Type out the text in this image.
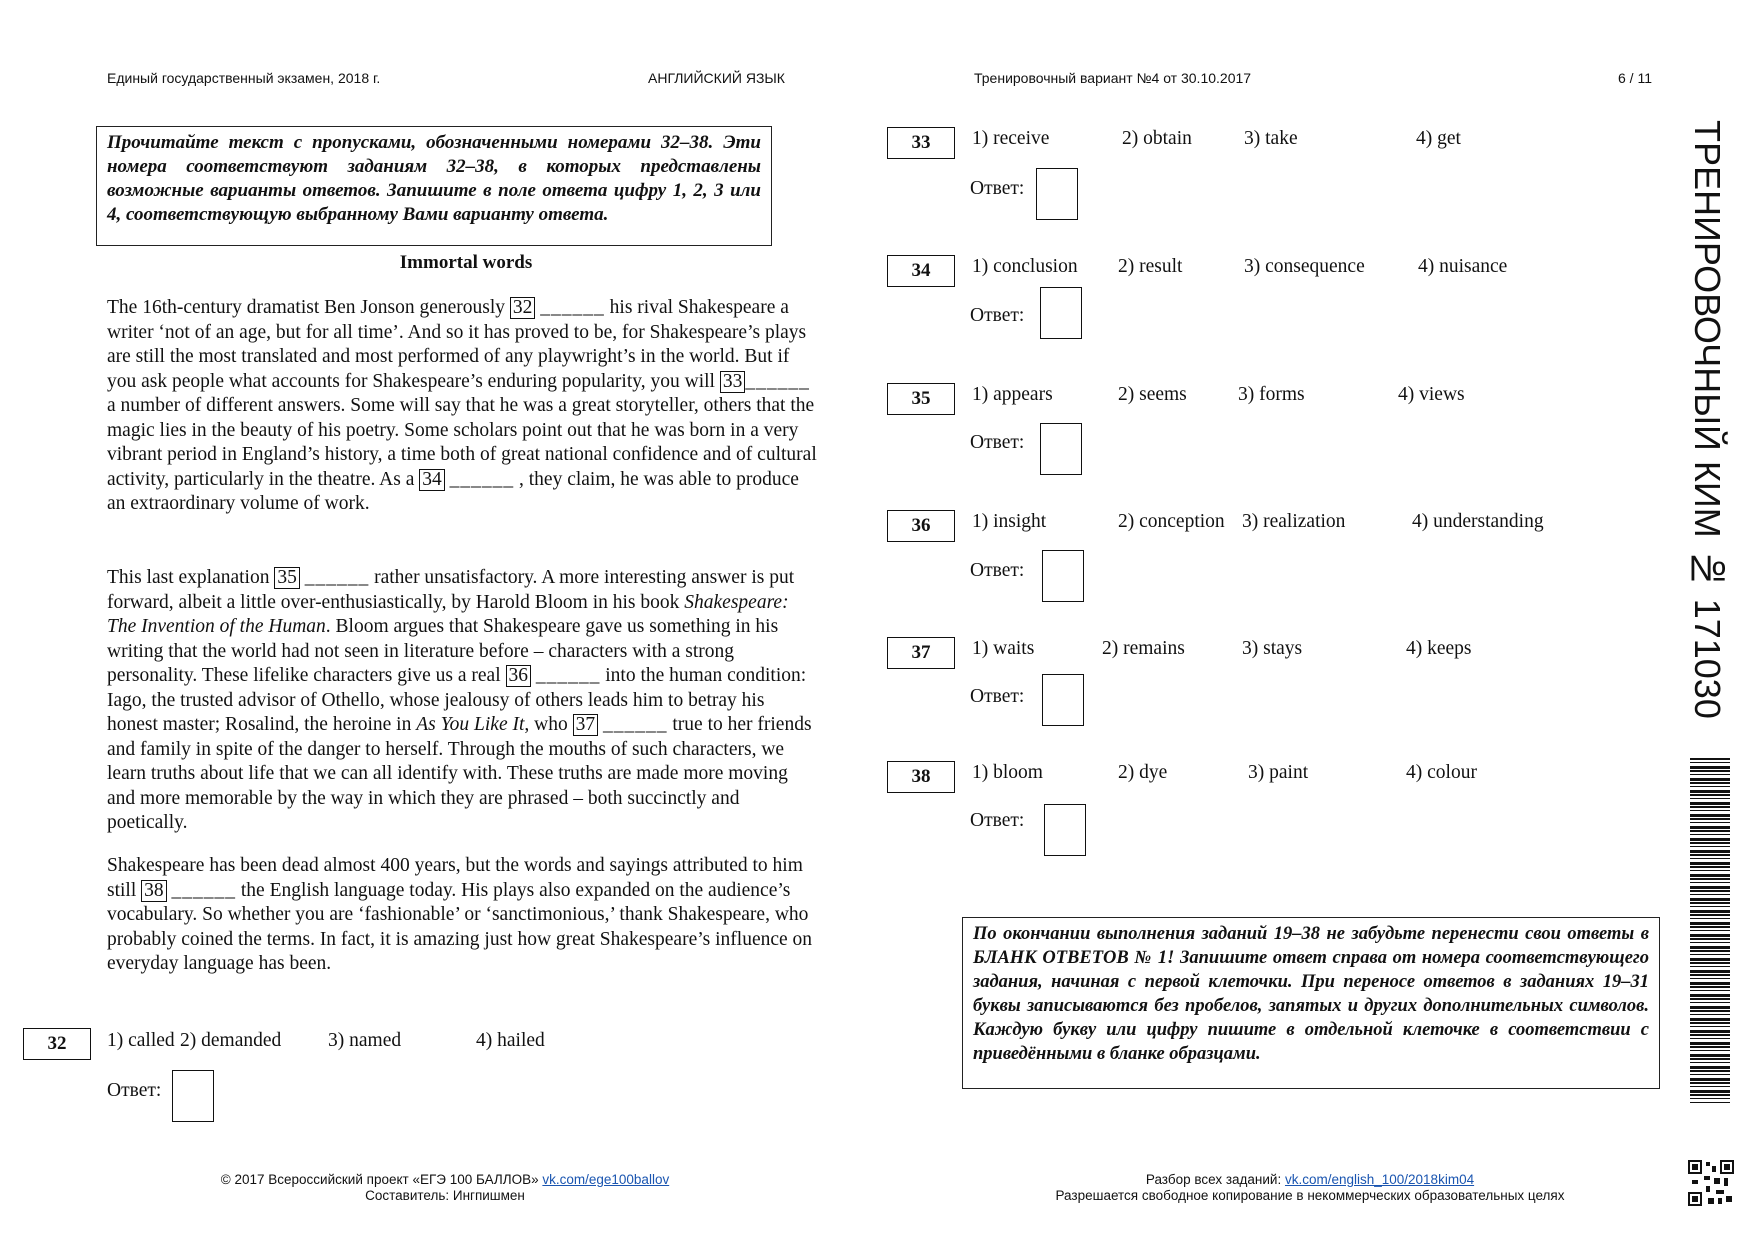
Единый государственный экзамен, 2018 г.	АНГЛИЙСКИЙ ЯЗЫК	Тренировочный вариант №4 от 30.10.2017	6 / 11
Прочитайте текст с пропусками, обозначенными номерами 32–38. Эти номера соответствуют заданиям 32–38, в которых представлены возможные варианты ответов. Запишите в поле ответа цифру 1, 2, 3 или 4, соответствующую выбранному Вами варианту ответа.
Immortal words

The 16th-century dramatist Ben Jonson generously 32 ______ his rival Shakespeare a writer ‘not of an age, but for all time’. And so it has proved to be, for Shakespeare’s plays are still the most translated and most performed of any playwright’s in the world. But if you ask people what accounts for Shakespeare’s enduring popularity, you will 33 ______ a number of different answers. Some will say that he was a great storyteller, others that the magic lies in the beauty of his poetry. Some scholars point out that he was born in a very vibrant period in England’s history, a time both of great national confidence and of cultural activity, particularly in the theatre. As a 34 ______ , they claim, he was able to produce an extraordinary volume of work.

This last explanation 35 ______ rather unsatisfactory. A more interesting answer is put forward, albeit a little over-enthusiastically, by Harold Bloom in his book Shakespeare: The Invention of the Human. Bloom argues that Shakespeare gave us something in his writing that the world had not seen in literature before – characters with a strong personality. These lifelike characters give us a real 36 ______ into the human condition: Iago, the trusted advisor of Othello, whose jealousy of others leads him to betray his honest master; Rosalind, the heroine in As You Like It, who 37 ______ true to her friends and family in spite of the danger to herself. Through the mouths of such characters, we learn truths about life that we can all identify with. These truths are made more moving and more memorable by the way in which they are phrased – both succinctly and poetically.

Shakespeare has been dead almost 400 years, but the words and sayings attributed to him still 38 ______ the English language today. His plays also expanded on the audience’s vocabulary. So whether you are ‘fashionable’ or ‘sanctimonious,’ thank Shakespeare, who probably coined the terms. In fact, it is amazing just how great Shakespeare’s influence on everyday language has been.

32	1) called 2) demanded 3) named	4) hailed
Ответ:
33	1) receive	2) obtain	3) take	4) get
Ответ:
34	1) conclusion 2) result	3) consequence	4) nuisance
Ответ:
35	1) appears	2) seems	3) forms	4) views
Ответ:
36	1) insight	2) conception 3) realization	4) understanding
Ответ:
37	1) waits	2) remains	3) stays	4) keeps
Ответ:
38	1) bloom	2) dye	3) paint	4) colour
Ответ:
По окончании выполнения заданий 19–38 не забудьте перенести свои ответы в БЛАНК ОТВЕТОВ № 1! Запишите ответ справа от номера соответствующего задания, начиная с первой клеточки. При переносе ответов в заданиях 19–31 буквы записываются без пробелов, запятых и других дополнительных символов. Каждую букву или цифру пишите в отдельной клеточке в соответствии с приведёнными в бланке образцами.
ТРЕНИРОВОЧНЫЙ КИМ № 171030
© 2017 Всероссийский проект «ЕГЭ 100 БАЛЛОВ» vk.com/ege100ballov
Составитель: Ингпишмен
Разбор всех заданий: vk.com/english_100/2018kim04
Разрешается свободное копирование в некоммерческих образовательных целях
